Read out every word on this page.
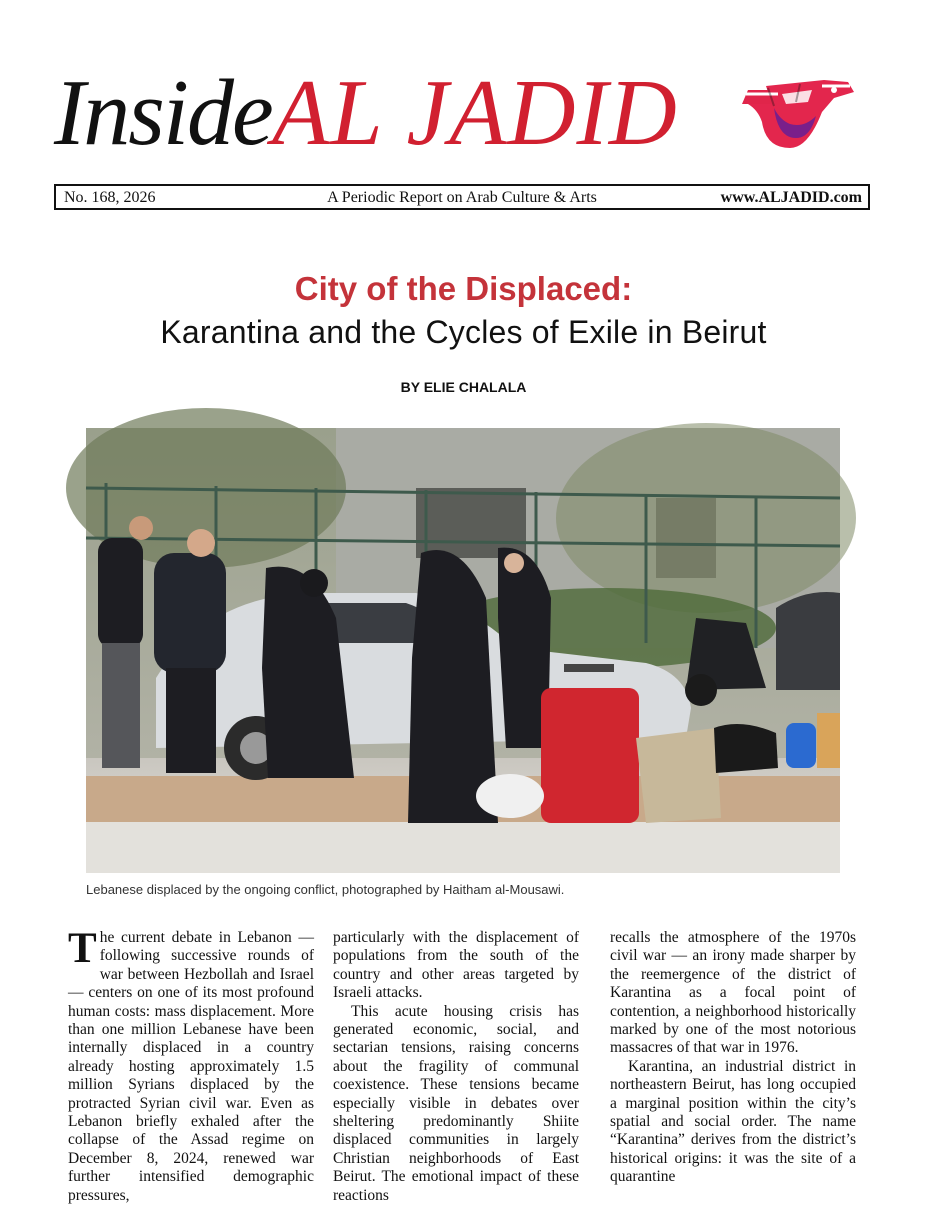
Inside AL JADID
A Periodic Report on Arab Culture & Arts
No. 168, 2026	www.ALJADID.com
City of the Displaced:
Karantina and the Cycles of Exile in Beirut
BY ELIE CHALALA
Lebanese displaced by the ongoing conflict, photographed by Haitham al-Mousawi.

The current debate in Lebanon — following successive rounds of war between Hezbollah and Israel — centers on one of its most profound human costs: mass displacement. More than one million Lebanese have been internally displaced in a country already hosting approximately 1.5 million Syrians displaced by the protracted Syrian civil war. Even as Lebanon briefly exhaled after the collapse of the Assad regime on December 8, 2024, renewed war further intensified demographic pressures,

particularly with the displacement of populations from the south of the country and other areas targeted by Israeli attacks.

This acute housing crisis has generated economic, social, and sectarian tensions, raising concerns about the fragility of communal coexistence. These tensions became especially visible in debates over sheltering predominantly Shiite displaced communities in largely Christian neighborhoods of East Beirut. The emotional impact of these reactions

recalls the atmosphere of the 1970s civil war — an irony made sharper by the reemergence of the district of Karantina as a focal point of contention, a neighborhood historically marked by one of the most notorious massacres of that war in 1976.

Karantina, an industrial district in northeastern Beirut, has long occupied a marginal position within the city’s spatial and social order. The name “Karantina” derives from the district’s historical origins: it was the site of a quarantine
